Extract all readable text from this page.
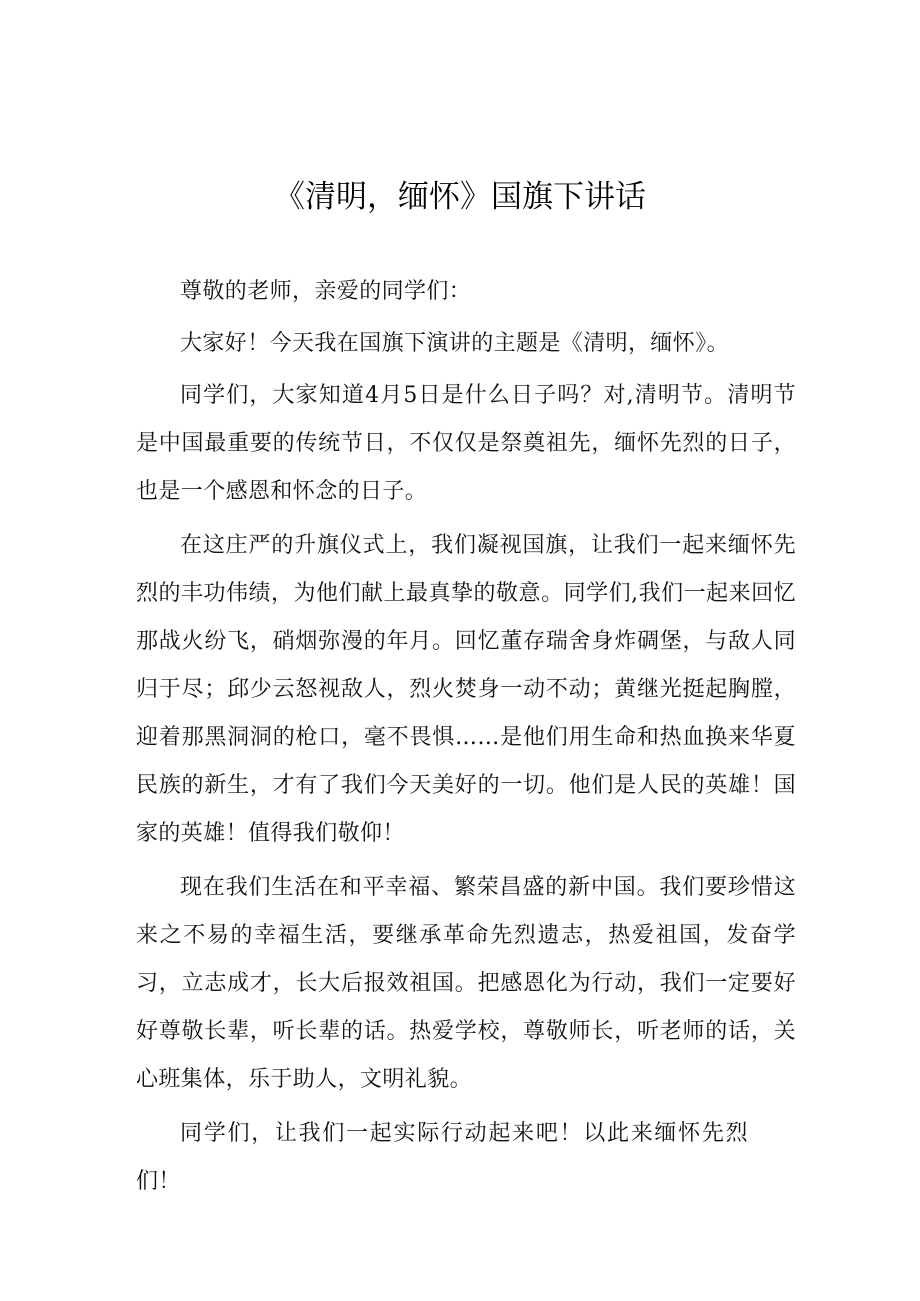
《清明，缅怀》国旗下讲话

尊敬的老师，亲爱的同学们：

大家好！今天我在国旗下演讲的主题是《清明，缅怀》。

同学们，大家知道4月5日是什么日子吗？对,清明节。清明节是中国最重要的传统节日，不仅仅是祭奠祖先，缅怀先烈的日子，也是一个感恩和怀念的日子。

在这庄严的升旗仪式上，我们凝视国旗，让我们一起来缅怀先烈的丰功伟绩，为他们献上最真挚的敬意。同学们,我们一起来回忆那战火纷飞，硝烟弥漫的年月。回忆董存瑞舍身炸碉堡，与敌人同归于尽；邱少云怒视敌人，烈火焚身一动不动；黄继光挺起胸膛，迎着那黑洞洞的枪口，毫不畏惧……是他们用生命和热血换来华夏民族的新生，才有了我们今天美好的一切。他们是人民的英雄！国家的英雄！值得我们敬仰！

现在我们生活在和平幸福、繁荣昌盛的新中国。我们要珍惜这来之不易的幸福生活，要继承革命先烈遗志，热爱祖国，发奋学习，立志成才，长大后报效祖国。把感恩化为行动，我们一定要好好尊敬长辈，听长辈的话。热爱学校，尊敬师长，听老师的话，关心班集体，乐于助人，文明礼貌。

同学们，让我们一起实际行动起来吧！以此来缅怀先烈们！
